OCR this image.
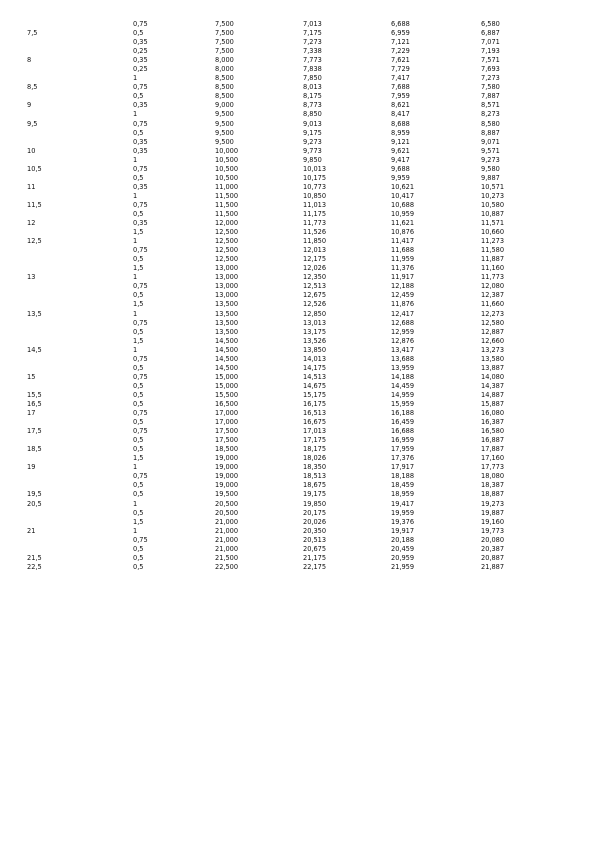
	0,75	7,500	7,013	6,688	6,580
7,5	0,5	7,500	7,175	6,959	6,887
	0,35	7,500	7,273	7,121	7,071
	0,25	7,500	7,338	7,229	7,193
8	0,35	8,000	7,773	7,621	7,571
	0,25	8,000	7,838	7,729	7,693
	1	8,500	7,850	7,417	7,273
8,5	0,75	8,500	8,013	7,688	7,580
	0,5	8,500	8,175	7,959	7,887
9	0,35	9,000	8,773	8,621	8,571
	1	9,500	8,850	8,417	8,273
9,5	0,75	9,500	9,013	8,688	8,580
	0,5	9,500	9,175	8,959	8,887
	0,35	9,500	9,273	9,121	9,071
10	0,35	10,000	9,773	9,621	9,571
	1	10,500	9,850	9,417	9,273
10,5	0,75	10,500	10,013	9,688	9,580
	0,5	10,500	10,175	9,959	9,887
11	0,35	11,000	10,773	10,621	10,571
	1	11,500	10,850	10,417	10,273
11,5	0,75	11,500	11,013	10,688	10,580
	0,5	11,500	11,175	10,959	10,887
12	0,35	12,000	11,773	11,621	11,571
	1,5	12,500	11,526	10,876	10,660
12,5	1	12,500	11,850	11,417	11,273
	0,75	12,500	12,013	11,688	11,580
	0,5	12,500	12,175	11,959	11,887
	1,5	13,000	12,026	11,376	11,160
13	1	13,000	12,350	11,917	11,773
	0,75	13,000	12,513	12,188	12,080
	0,5	13,000	12,675	12,459	12,387
	1,5	13,500	12,526	11,876	11,660
13,5	1	13,500	12,850	12,417	12,273
	0,75	13,500	13,013	12,688	12,580
	0,5	13,500	13,175	12,959	12,887
	1,5	14,500	13,526	12,876	12,660
14,5	1	14,500	13,850	13,417	13,273
	0,75	14,500	14,013	13,688	13,580
	0,5	14,500	14,175	13,959	13,887
15	0,75	15,000	14,513	14,188	14,080
	0,5	15,000	14,675	14,459	14,387
15,5	0,5	15,500	15,175	14,959	14,887
16,5	0,5	16,500	16,175	15,959	15,887
17	0,75	17,000	16,513	16,188	16,080
	0,5	17,000	16,675	16,459	16,387
17,5	0,75	17,500	17,013	16,688	16,580
	0,5	17,500	17,175	16,959	16,887
18,5	0,5	18,500	18,175	17,959	17,887
	1,5	19,000	18,026	17,376	17,160
19	1	19,000	18,350	17,917	17,773
	0,75	19,000	18,513	18,188	18,080
	0,5	19,000	18,675	18,459	18,387
19,5	0,5	19,500	19,175	18,959	18,887
20,5	1	20,500	19,850	19,417	19,273
	0,5	20,500	20,175	19,959	19,887
	1,5	21,000	20,026	19,376	19,160
21	1	21,000	20,350	19,917	19,773
	0,75	21,000	20,513	20,188	20,080
	0,5	21,000	20,675	20,459	20,387
21,5	0,5	21,500	21,175	20,959	20,887
22,5	0,5	22,500	22,175	21,959	21,887
